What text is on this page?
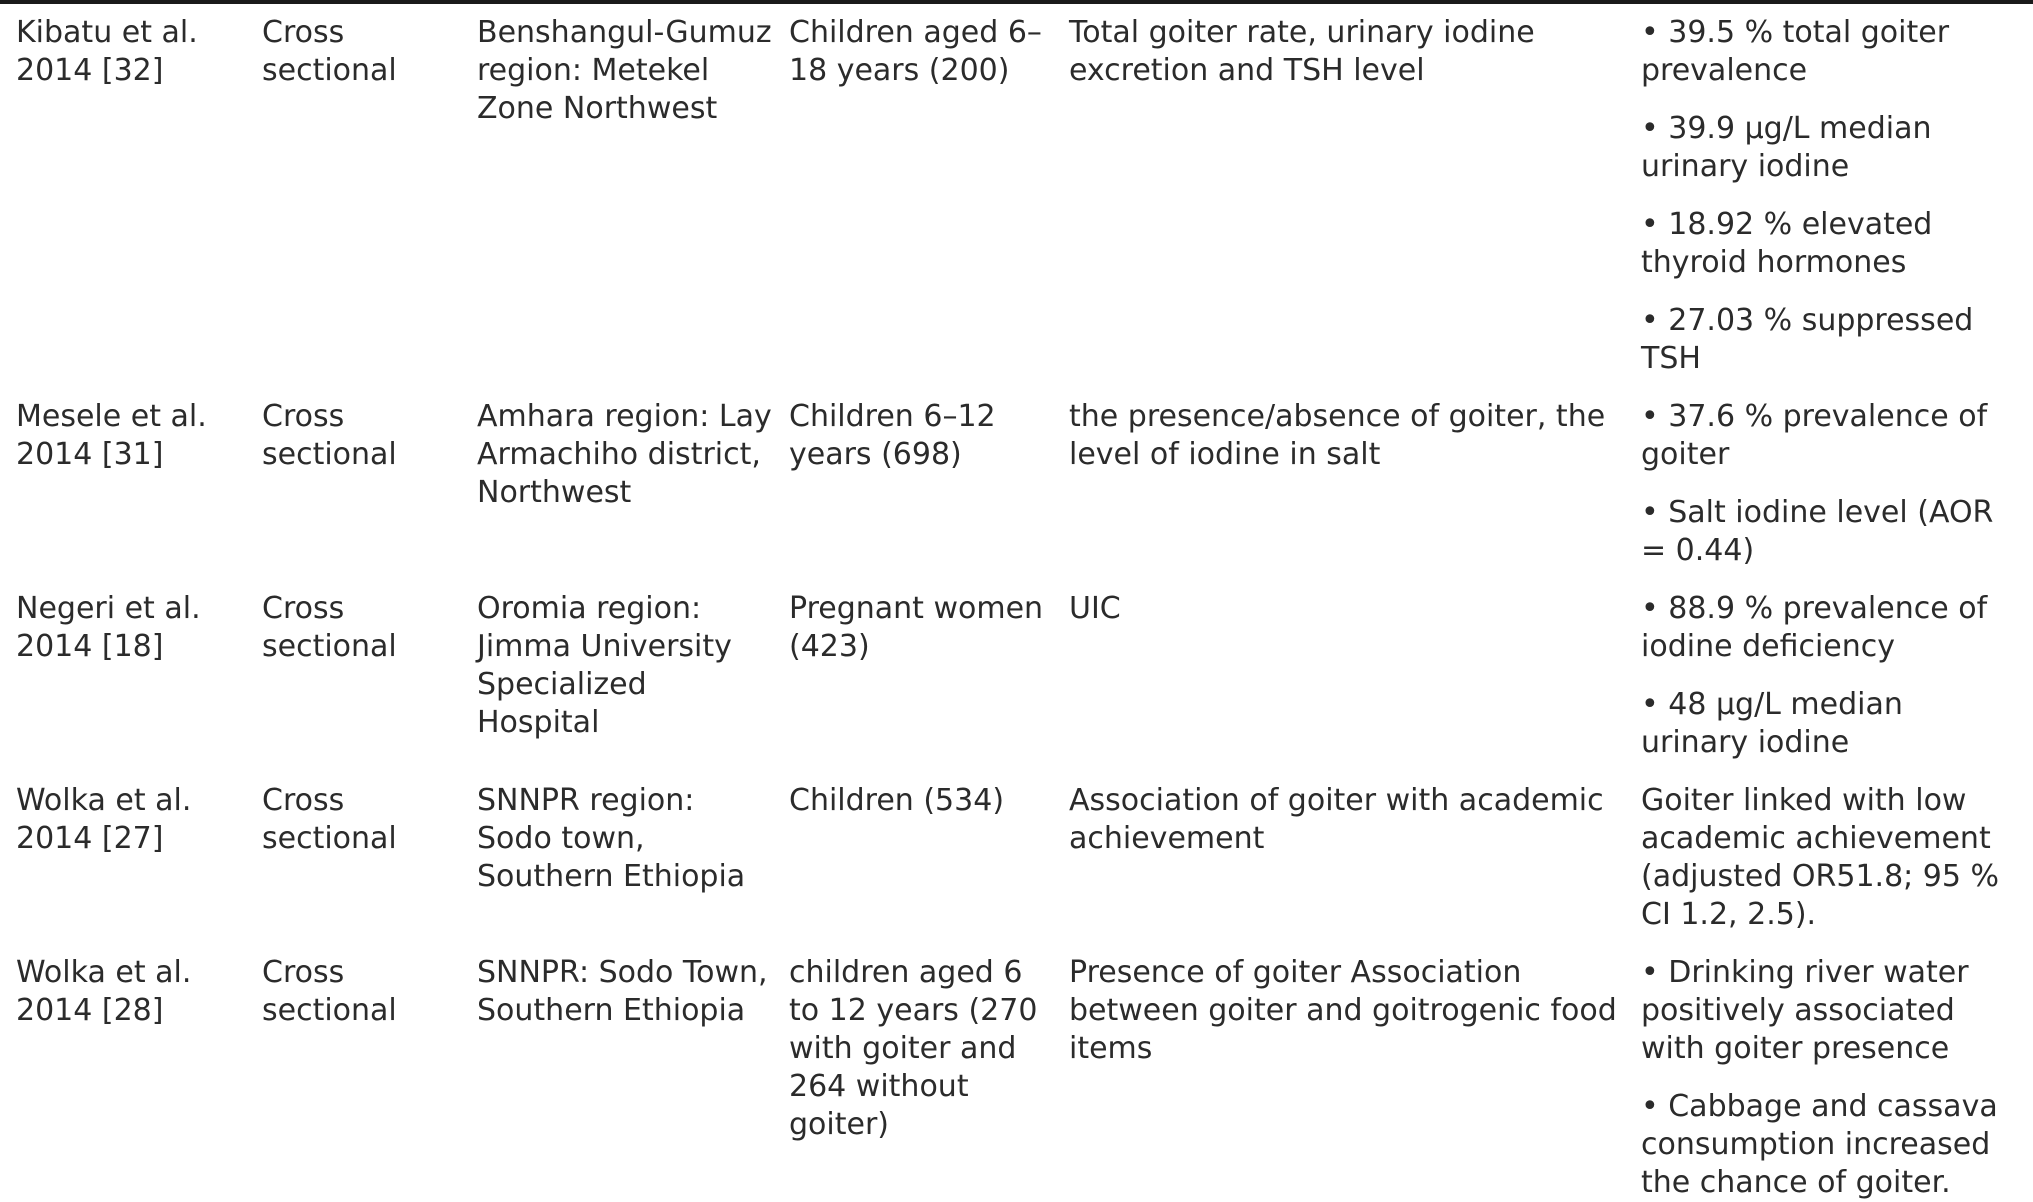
Kibatu et al. 2014 [32]	Cross sectional	Benshangul-Gumuz region: Metekel Zone Northwest	Children aged 6–18 years (200)	Total goiter rate, urinary iodine excretion and TSH level	• 39.5 % total goiter prevalence
• 39.9 μg/L median urinary iodine
• 18.92 % elevated thyroid hormones
• 27.03 % suppressed TSH

Mesele et al. 2014 [31]	Cross sectional	Amhara region: Lay Armachiho district, Northwest	Children 6–12 years (698)	the presence/absence of goiter, the level of iodine in salt	• 37.6 % prevalence of goiter
• Salt iodine level (AOR = 0.44)

Negeri et al. 2014 [18]	Cross sectional	Oromia region: Jimma University Specialized Hospital	Pregnant women (423)	UIC	• 88.9 % prevalence of iodine deficiency
• 48 μg/L median urinary iodine

Wolka et al. 2014 [27]	Cross sectional	SNNPR region: Sodo town, Southern Ethiopia	Children (534)	Association of goiter with academic achievement	Goiter linked with low academic achievement (adjusted OR51.8; 95 % CI 1.2, 2.5).

Wolka et al. 2014 [28]	Cross sectional	SNNPR: Sodo Town, Southern Ethiopia	children aged 6 to 12 years (270 with goiter and 264 without goiter)	Presence of goiter Association between goiter and goitrogenic food items	• Drinking river water positively associated with goiter presence
• Cabbage and cassava consumption increased the chance of goiter.
